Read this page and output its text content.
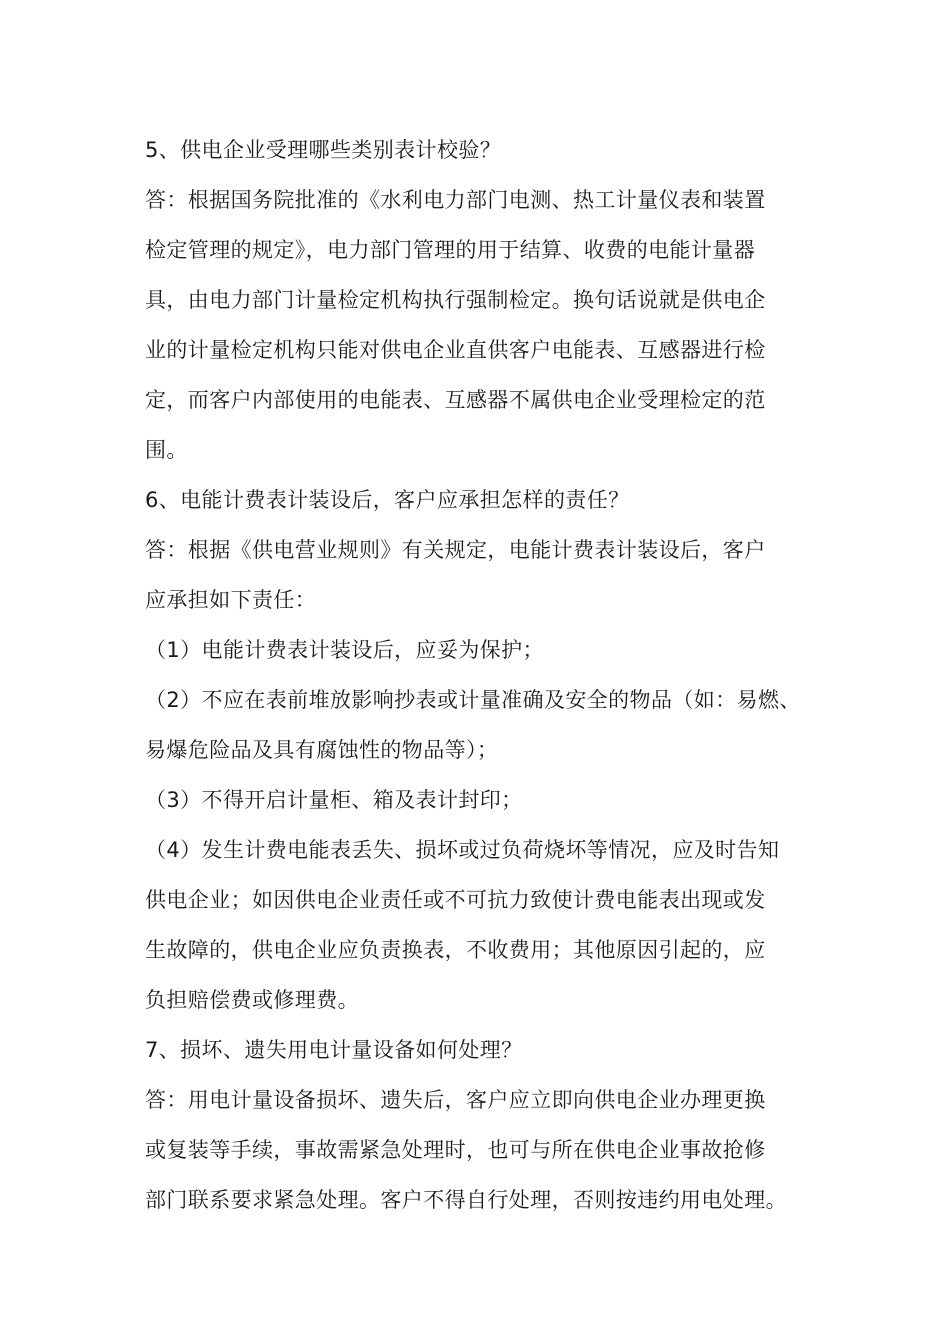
5、供电企业受理哪些类别表计校验？
答：根据国务院批准的《水利电力部门电测、热工计量仪表和装置
检定管理的规定》，电力部门管理的用于结算、收费的电能计量器
具，由电力部门计量检定机构执行强制检定。换句话说就是供电企
业的计量检定机构只能对供电企业直供客户电能表、互感器进行检
定，而客户内部使用的电能表、互感器不属供电企业受理检定的范
围。
6、电能计费表计装设后，客户应承担怎样的责任？
答：根据《供电营业规则》有关规定，电能计费表计装设后，客户
应承担如下责任：
（1）电能计费表计装设后，应妥为保护；
（2）不应在表前堆放影响抄表或计量准确及安全的物品（如：易燃、
易爆危险品及具有腐蚀性的物品等）；
（3）不得开启计量柜、箱及表计封印；
（4）发生计费电能表丢失、损坏或过负荷烧坏等情况，应及时告知
供电企业；如因供电企业责任或不可抗力致使计费电能表出现或发
生故障的，供电企业应负责换表，不收费用；其他原因引起的，应
负担赔偿费或修理费。
7、损坏、遗失用电计量设备如何处理？
答：用电计量设备损坏、遗失后，客户应立即向供电企业办理更换
或复装等手续，事故需紧急处理时，也可与所在供电企业事故抢修
部门联系要求紧急处理。客户不得自行处理，否则按违约用电处理。
